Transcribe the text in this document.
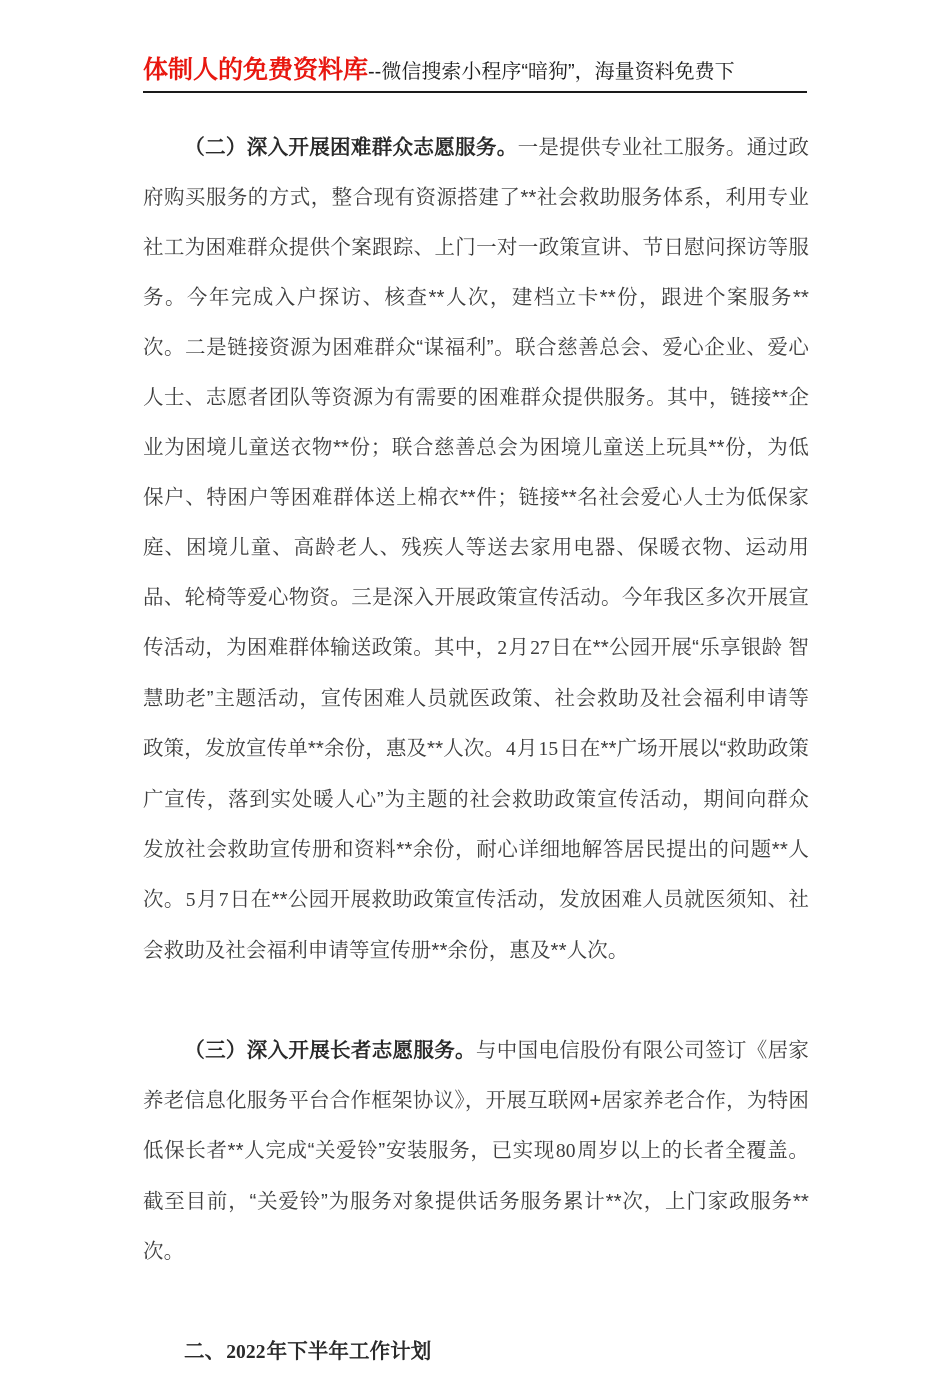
体制人的免费资料库--微信搜索小程序“暗狗”，海量资料免费下

（二）深入开展困难群众志愿服务。一是提供专业社工服务。通过政府购买服务的方式，整合现有资源搭建了**社会救助服务体系，利用专业社工为困难群众提供个案跟踪、上门一对一政策宣讲、节日慰问探访等服务。今年完成入户探访、核查**人次，建档立卡**份，跟进个案服务**次。二是链接资源为困难群众“谋福利”。联合慈善总会、爱心企业、爱心人士、志愿者团队等资源为有需要的困难群众提供服务。其中，链接**企业为困境儿童送衣物**份；联合慈善总会为困境儿童送上玩具**份，为低保户、特困户等困难群体送上棉衣**件；链接**名社会爱心人士为低保家庭、困境儿童、高龄老人、残疾人等送去家用电器、保暖衣物、运动用品、轮椅等爱心物资。三是深入开展政策宣传活动。今年我区多次开展宣传活动，为困难群体输送政策。其中，2月27日在**公园开展“乐享银龄 智慧助老”主题活动，宣传困难人员就医政策、社会救助及社会福利申请等政策，发放宣传单**余份，惠及**人次。4月15日在**广场开展以“救助政策广宣传，落到实处暖人心”为主题的社会救助政策宣传活动，期间向群众发放社会救助宣传册和资料**余份，耐心详细地解答居民提出的问题**人次。5月7日在**公园开展救助政策宣传活动，发放困难人员就医须知、社会救助及社会福利申请等宣传册**余份，惠及**人次。

（三）深入开展长者志愿服务。与中国电信股份有限公司签订《居家养老信息化服务平台合作框架协议》，开展互联网+居家养老合作，为特困低保长者**人完成“关爱铃”安装服务，已实现80周岁以上的长者全覆盖。截至目前，“关爱铃”为服务对象提供话务服务累计**次，上门家政服务**次。

二、2022年下半年工作计划
